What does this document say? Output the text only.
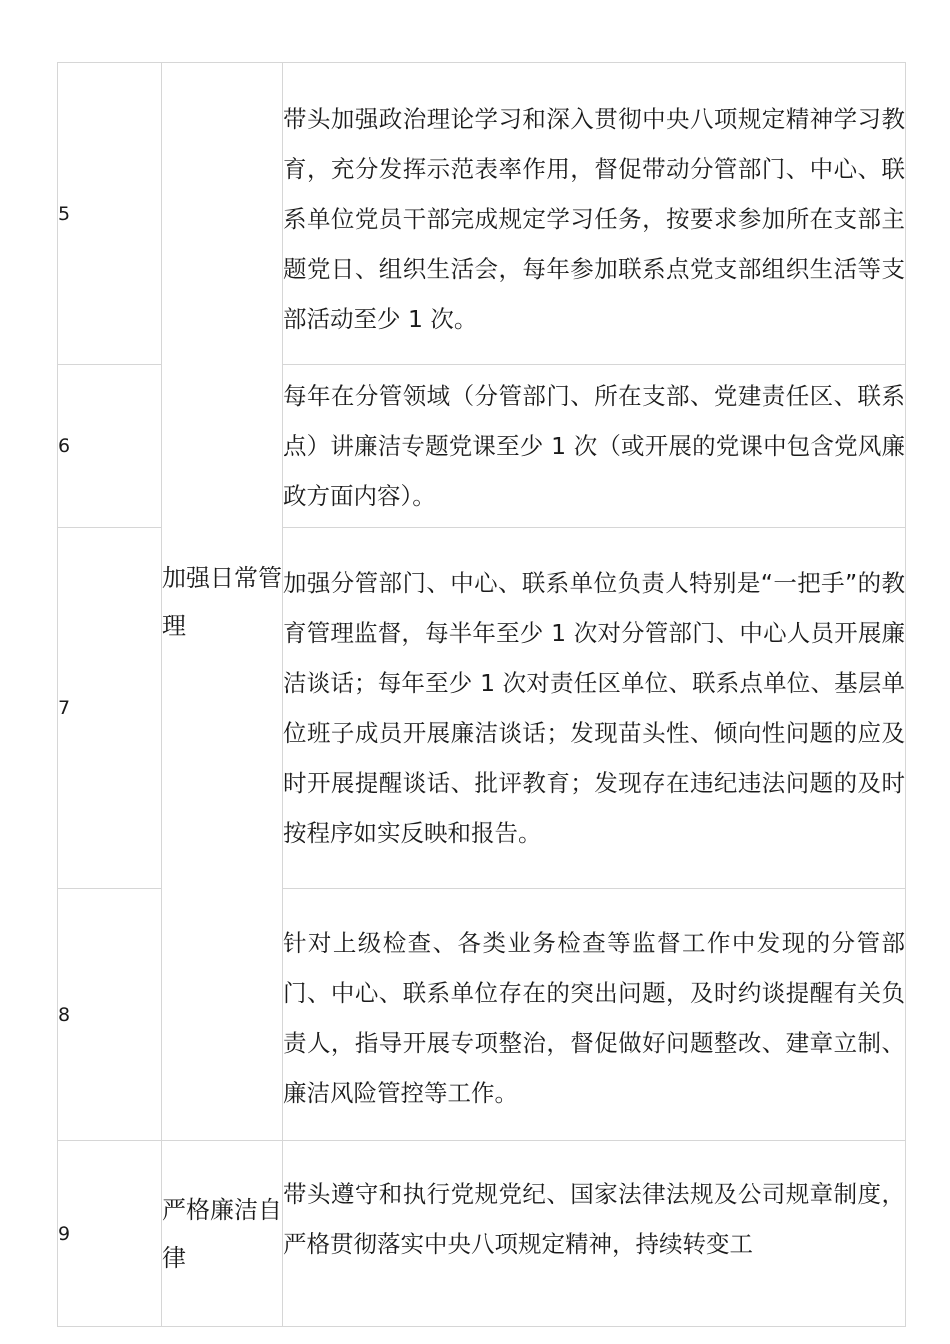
5	加强日常管理	带头加强政治理论学习和深入贯彻中央八项规定精神学习教育，充分发挥示范表率作用，督促带动分管部门、中心、联系单位党员干部完成规定学习任务，按要求参加所在支部主题党日、组织生活会，每年参加联系点党支部组织生活等支部活动至少 1 次。
6		每年在分管领域（分管部门、所在支部、党建责任区、联系点）讲廉洁专题党课至少 1 次（或开展的党课中包含党风廉政方面内容）。
7		加强分管部门、中心、联系单位负责人特别是“一把手”的教育管理监督，每半年至少 1 次对分管部门、中心人员开展廉洁谈话；每年至少 1 次对责任区单位、联系点单位、基层单位班子成员开展廉洁谈话；发现苗头性、倾向性问题的应及时开展提醒谈话、批评教育；发现存在违纪违法问题的及时按程序如实反映和报告。
8		针对上级检查、各类业务检查等监督工作中发现的分管部门、中心、联系单位存在的突出问题，及时约谈提醒有关负责人，指导开展专项整治，督促做好问题整改、建章立制、廉洁风险管控等工作。
9	严格廉洁自律	带头遵守和执行党规党纪、国家法律法规及公司规章制度，严格贯彻落实中央八项规定精神，持续转变工
